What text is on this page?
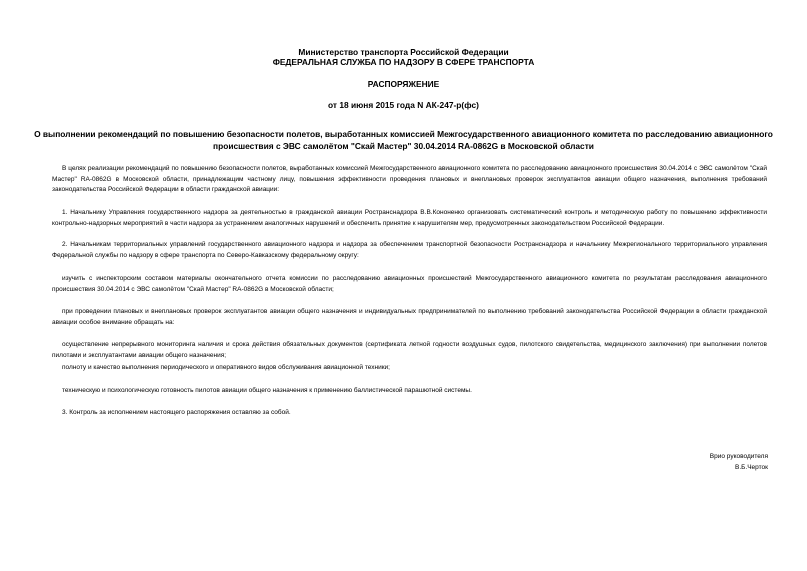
Министерство транспорта Российской Федерации
ФЕДЕРАЛЬНАЯ СЛУЖБА ПО НАДЗОРУ В СФЕРЕ ТРАНСПОРТА
РАСПОРЯЖЕНИЕ
от 18 июня 2015 года N АК-247-р(фс)
О выполнении рекомендаций по повышению безопасности полетов, выработанных комиссией Межгосударственного авиационного комитета по расследованию авиационного происшествия с ЭВС самолётом "Скай Мастер" 30.04.2014 RA-0862G в Московской области

В целях реализации рекомендаций по повышению безопасности полетов, выработанных комиссией Межгосударственного авиационного комитета по расследованию авиационного происшествия 30.04.2014 с ЭВС самолётом "Скай Мастер" RA-0862G в Московской области, принадлежащим частному лицу, повышения эффективности проведения плановых и внеплановых проверок эксплуатантов авиации общего назначения, выполнения требований законодательства Российской Федерации в области гражданской авиации:

1. Начальнику Управления государственного надзора за деятельностью в гражданской авиации Ространснадзора В.В.Кононенко организовать систематический контроль и методическую работу по повышению эффективности контрольно-надзорных мероприятий в части надзора за устранением аналогичных нарушений и обеспечить принятие к нарушителям мер, предусмотренных законодательством Российской Федерации.

2. Начальникам территориальных управлений государственного авиационного надзора и надзора за обеспечением транспортной безопасности Ространснадзора и начальнику Межрегионального территориального управления Федеральной службы по надзору в сфере транспорта по Северо-Кавказскому федеральному округу:

изучить с инспекторским составом материалы окончательного отчета комиссии по расследованию авиационных происшествий Межгосударственного авиационного комитета по результатам расследования авиационного происшествия 30.04.2014 с ЭВС самолётом "Скай Мастер" RA-0862G в Московской области;

при проведении плановых и внеплановых проверок эксплуатантов авиации общего назначения и индивидуальных предпринимателей по выполнению требований законодательства Российской Федерации в области гражданской авиации особое внимание обращать на:

осуществление непрерывного мониторинга наличия и срока действия обязательных документов (сертификата летной годности воздушных судов, пилотского свидетельства, медицинского заключения) при выполнении полетов пилотами и эксплуатантами авиации общего назначения;

полноту и качество выполнения периодического и оперативного видов обслуживания авиационной техники;

техническую и психологическую готовность пилотов авиации общего назначения к применению баллистической парашютной системы.

3. Контроль за исполнением настоящего распоряжения оставляю за собой.

Врио руководителя
В.Б.Черток
